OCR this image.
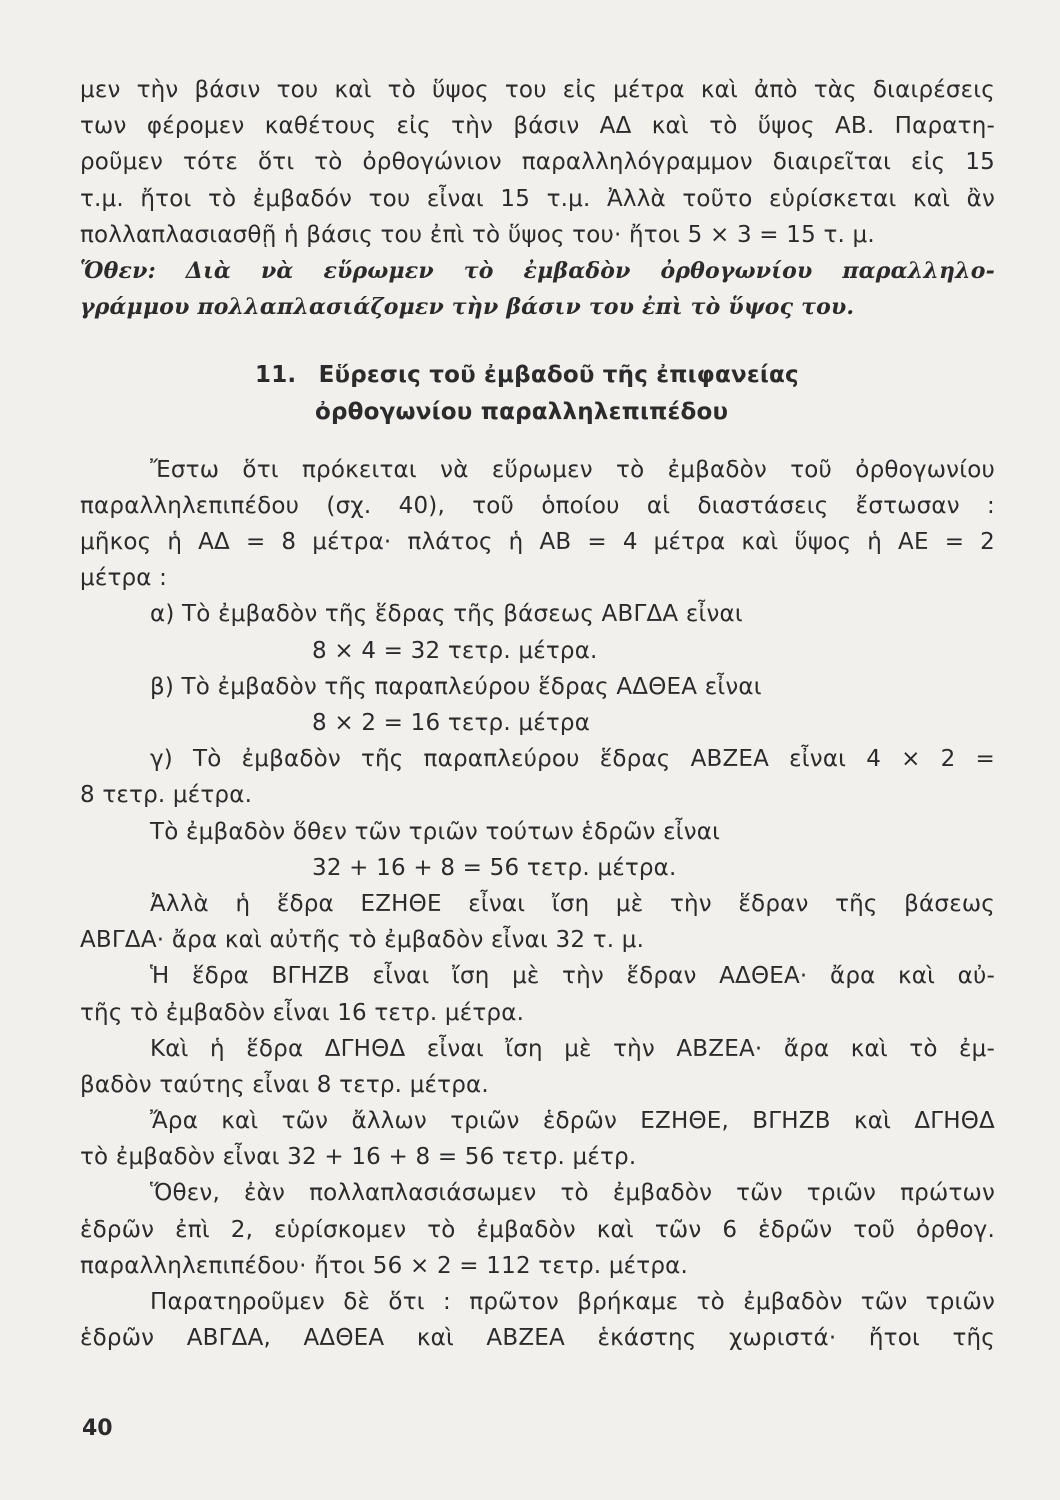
μεν τὴν βάσιν του καὶ τὸ ὕψος του εἰς μέτρα καὶ ἀπὸ τὰς διαιρέσεις
των φέρομεν καθέτους εἰς τὴν βάσιν ΑΔ καὶ τὸ ὕψος ΑΒ. Παρατη-
ροῦμεν τότε ὅτι τὸ ὀρθογώνιον παραλληλόγραμμον διαιρεῖται εἰς 15
τ.μ. ἤτοι τὸ ἐμβαδόν του εἶναι 15 τ.μ. Ἀλλὰ τοῦτο εὑρίσκεται καὶ ἂν
πολλαπλασιασθῇ ἡ βάσις του ἐπὶ τὸ ὕψος του· ἤτοι 5 × 3 = 15 τ. μ.
Ὅθεν: Διὰ νὰ εὕρωμεν τὸ ἐμβαδὸν ὀρθογωνίου παραλληλο-
γράμμου πολλαπλασιάζομεν τὴν βάσιν του ἐπὶ τὸ ὕψος του.
11. Εὕρεσις τοῦ ἐμβαδοῦ τῆς ἐπιφανείας
ὀρθογωνίου παραλληλεπιπέδου
Ἔστω ὅτι πρόκειται νὰ εὕρωμεν τὸ ἐμβαδὸν τοῦ ὀρθογωνίου
παραλληλεπιπέδου (σχ. 40), τοῦ ὁποίου αἱ διαστάσεις ἔστωσαν :
μῆκος ἡ ΑΔ = 8 μέτρα· πλάτος ἡ ΑΒ = 4 μέτρα καὶ ὕψος ἡ ΑΕ = 2
μέτρα :
α) Τὸ ἐμβαδὸν τῆς ἕδρας τῆς βάσεως ΑΒΓΔΑ εἶναι
8 × 4 = 32 τετρ. μέτρα.
β) Τὸ ἐμβαδὸν τῆς παραπλεύρου ἕδρας ΑΔΘΕΑ εἶναι
8 × 2 = 16 τετρ. μέτρα
γ) Τὸ ἐμβαδὸν τῆς παραπλεύρου ἕδρας ΑΒΖΕΑ εἶναι 4 × 2 =
8 τετρ. μέτρα.
Τὸ ἐμβαδὸν ὅθεν τῶν τριῶν τούτων ἑδρῶν εἶναι
32 + 16 + 8 = 56 τετρ. μέτρα.
Ἀλλὰ ἡ ἕδρα ΕΖΗΘΕ εἶναι ἴση μὲ τὴν ἕδραν τῆς βάσεως
ΑΒΓΔΑ· ἄρα καὶ αὐτῆς τὸ ἐμβαδὸν εἶναι 32 τ. μ.
Ἡ ἕδρα ΒΓΗΖΒ εἶναι ἴση μὲ τὴν ἕδραν ΑΔΘΕΑ· ἄρα καὶ αὐ-
τῆς τὸ ἐμβαδὸν εἶναι 16 τετρ. μέτρα.
Καὶ ἡ ἕδρα ΔΓΗΘΔ εἶναι ἴση μὲ τὴν ΑΒΖΕΑ· ἄρα καὶ τὸ ἐμ-
βαδὸν ταύτης εἶναι 8 τετρ. μέτρα.
Ἄρα καὶ τῶν ἄλλων τριῶν ἑδρῶν ΕΖΗΘΕ, ΒΓΗΖΒ καὶ ΔΓΗΘΔ
τὸ ἐμβαδὸν εἶναι 32 + 16 + 8 = 56 τετρ. μέτρ.
Ὅθεν, ἐὰν πολλαπλασιάσωμεν τὸ ἐμβαδὸν τῶν τριῶν πρώτων
ἑδρῶν ἐπὶ 2, εὑρίσκομεν τὸ ἐμβαδὸν καὶ τῶν 6 ἑδρῶν τοῦ ὀρθογ.
παραλληλεπιπέδου· ἤτοι 56 × 2 = 112 τετρ. μέτρα.
Παρατηροῦμεν δὲ ὅτι : πρῶτον βρήκαμε τὸ ἐμβαδὸν τῶν τριῶν
ἑδρῶν ΑΒΓΔΑ, ΑΔΘΕΑ καὶ ΑΒΖΕΑ ἑκάστης χωριστά· ἤτοι τῆς
40
